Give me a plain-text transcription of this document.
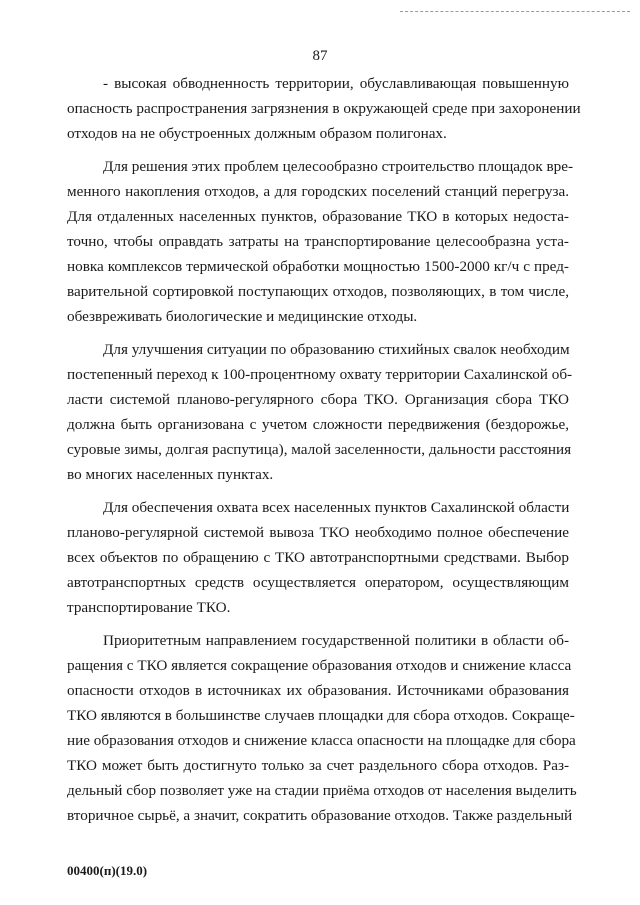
87
- высокая обводненность территории, обуславливающая повышенную
опасность распространения загрязнения в окружающей среде при захоронении
отходов на не обустроенных должным образом полигонах.
Для решения этих проблем целесообразно строительство площадок вре-
менного накопления отходов, а для городских поселений станций перегруза.
Для отдаленных населенных пунктов, образование ТКО в которых недоста-
точно, чтобы оправдать затраты на транспортирование целесообразна уста-
новка комплексов термической обработки мощностью 1500-2000 кг/ч с пред-
варительной сортировкой поступающих отходов, позволяющих, в том числе,
обезвреживать биологические и медицинские отходы.
Для улучшения ситуации по образованию стихийных свалок необходим
постепенный переход к 100-процентному охвату территории Сахалинской об-
ласти системой планово-регулярного сбора ТКО. Организация сбора ТКО
должна быть организована с учетом сложности передвижения (бездорожье,
суровые зимы, долгая распутица), малой заселенности, дальности расстояния
во многих населенных пунктах.
Для обеспечения охвата всех населенных пунктов Сахалинской области
планово-регулярной системой вывоза ТКО необходимо полное обеспечение
всех объектов по обращению с ТКО автотранспортными средствами. Выбор
автотранспортных средств осуществляется оператором, осуществляющим
транспортирование ТКО.
Приоритетным направлением государственной политики в области об-
ращения с ТКО является сокращение образования отходов и снижение класса
опасности отходов в источниках их образования. Источниками образования
ТКО являются в большинстве случаев площадки для сбора отходов. Сокраще-
ние образования отходов и снижение класса опасности на площадке для сбора
ТКО может быть достигнуто только за счет раздельного сбора отходов. Раз-
дельный сбор позволяет уже на стадии приёма отходов от населения выделить
вторичное сырьё, а значит, сократить образование отходов. Также раздельный
00400(п)(19.0)
